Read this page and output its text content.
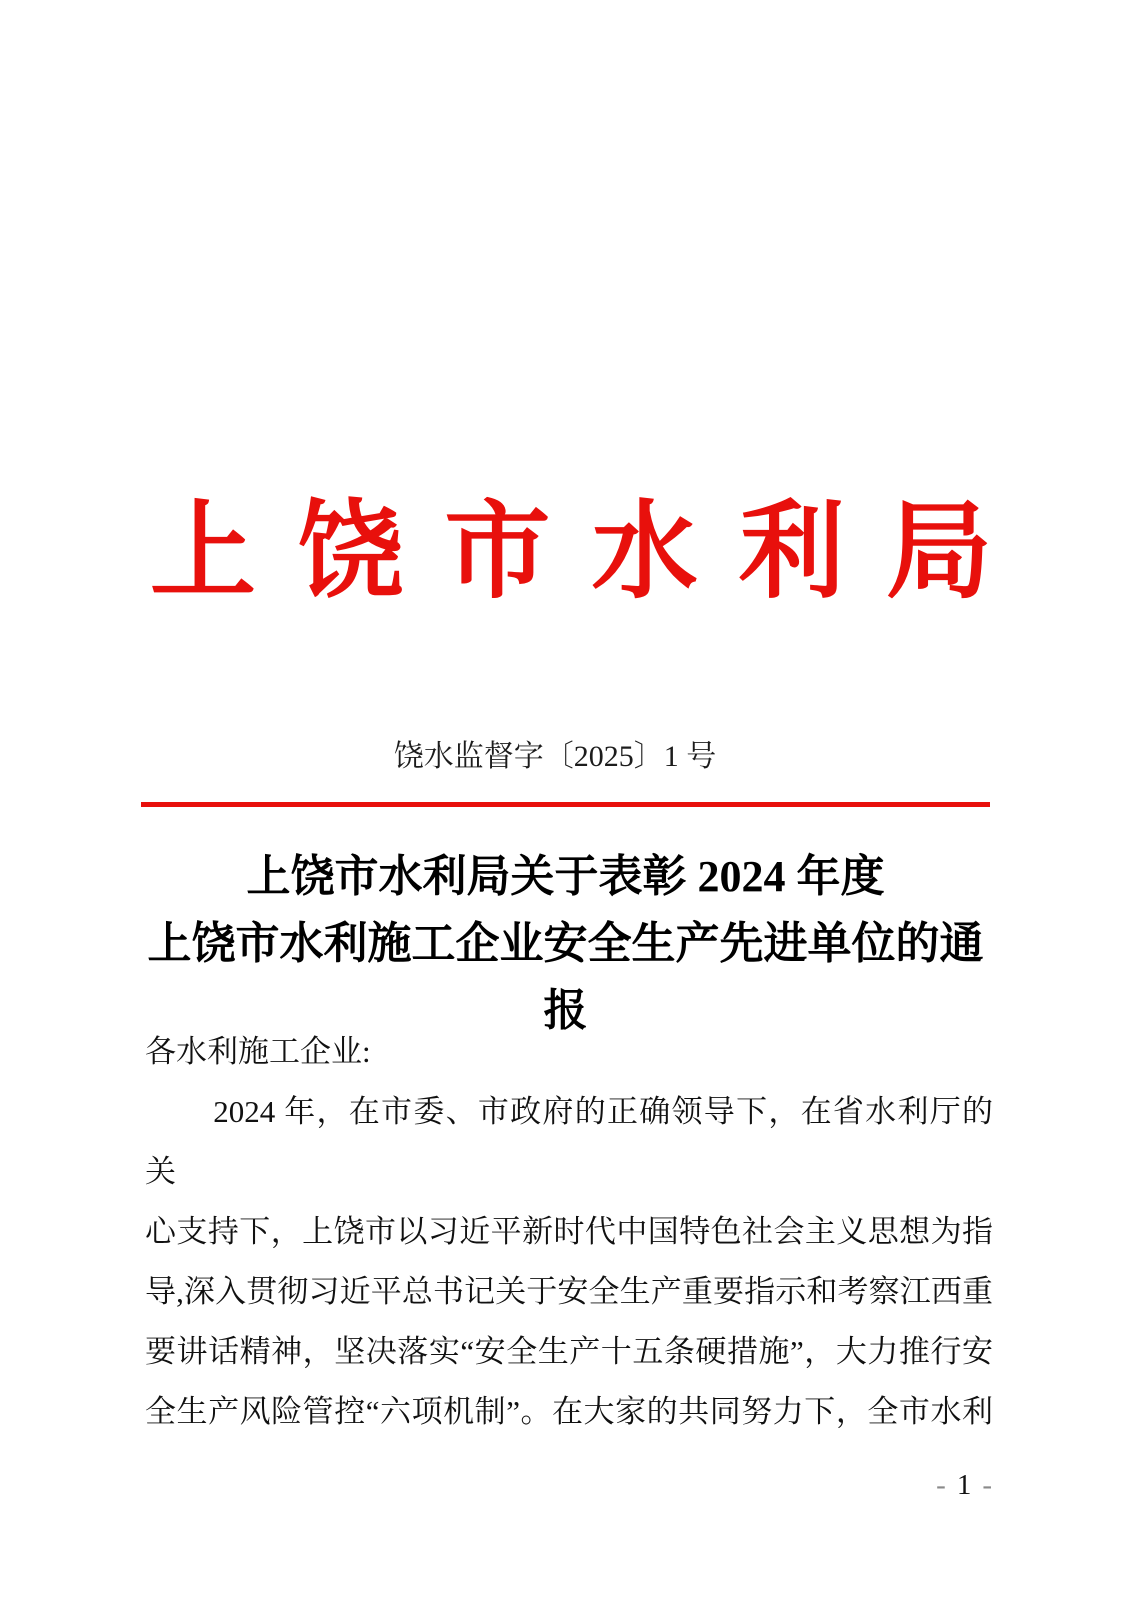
上 饶 市 水 利 局
饶水监督字〔2025〕1 号
上饶市水利局关于表彰 2024 年度
上饶市水利施工企业安全生产先进单位的通报
各水利施工企业:
2024 年，在市委、市政府的正确领导下，在省水利厅的关
心支持下，上饶市以习近平新时代中国特色社会主义思想为指
导,深入贯彻习近平总书记关于安全生产重要指示和考察江西重
要讲话精神，坚决落实“安全生产十五条硬措施”，大力推行安
全生产风险管控“六项机制”。在大家的共同努力下，全市水利
- 1 -
